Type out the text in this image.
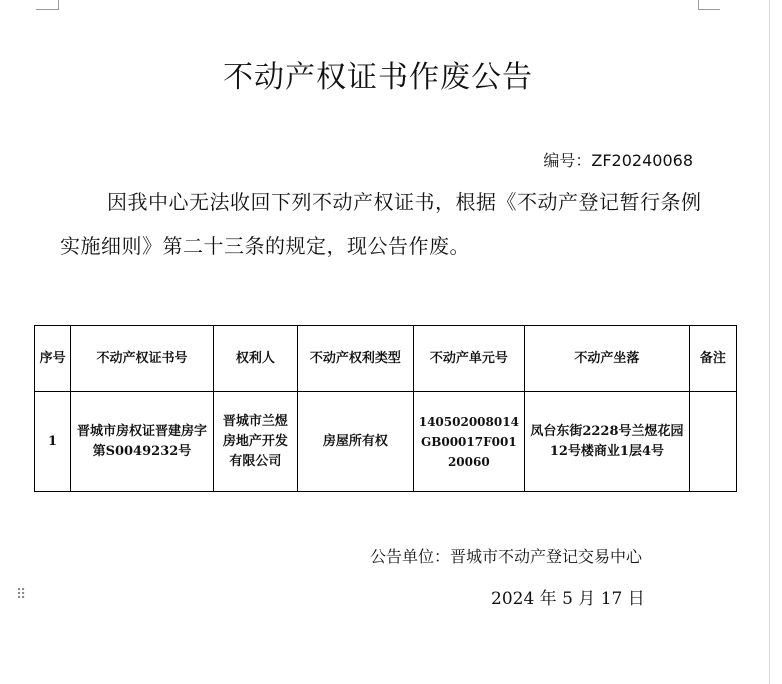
不动产权证书作废公告
编号：ZF20240068
因我中心无法收回下列不动产权证书，根据《不动产登记暂行条例实施细则》第二十三条的规定，现公告作废。
序号	不动产权证书号	权利人	不动产权利类型	不动产单元号	不动产坐落	备注
1	晋城市房权证晋建房字第S0049232号	晋城市兰煜房地产开发有限公司	房屋所有权	140502008014GB00017F00120060	凤台东街2228号兰煜花园12号楼商业1层4号	
公告单位：晋城市不动产登记交易中心
2024 年 5 月 17 日
⠿
